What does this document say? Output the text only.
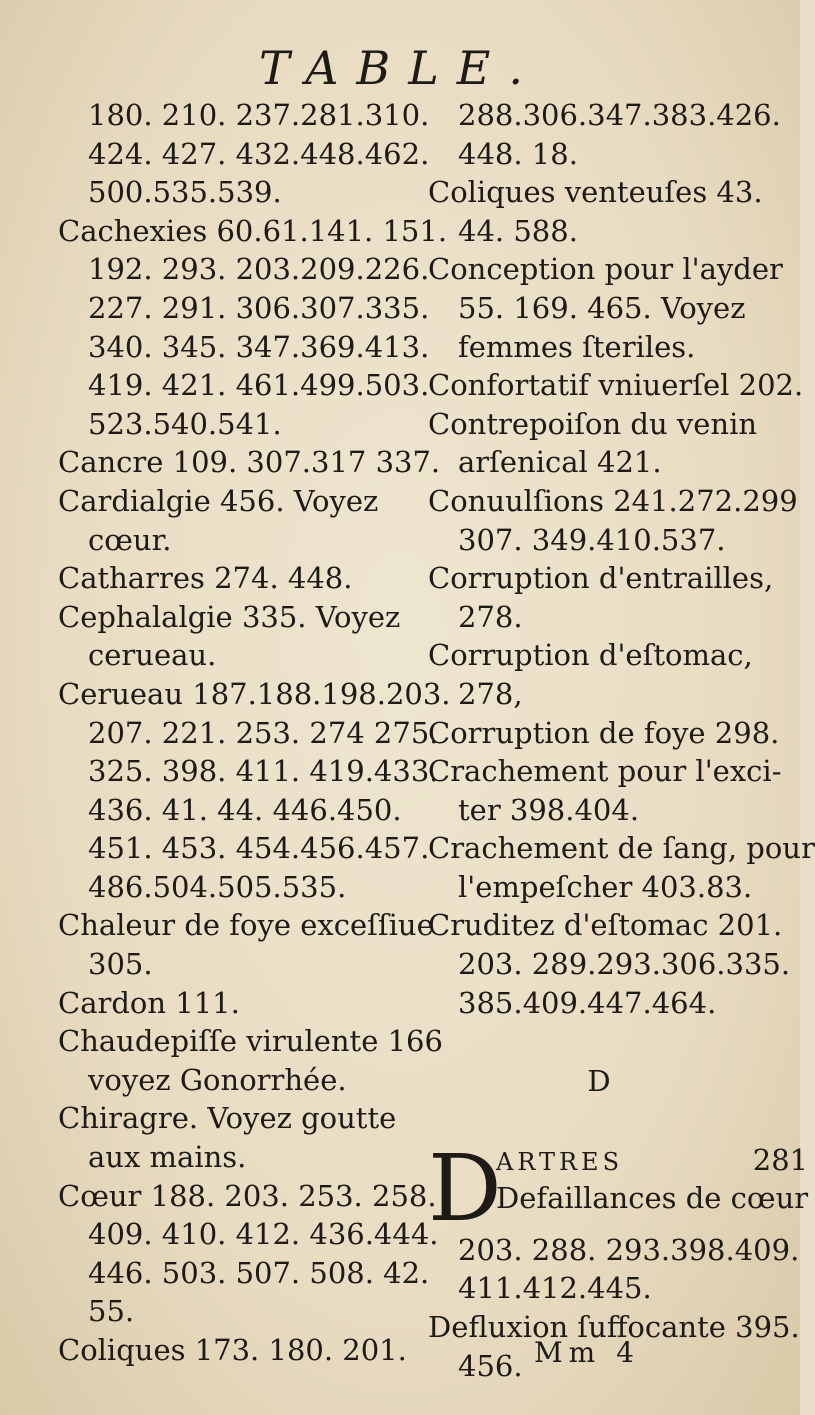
TABLE.
180. 210. 237.281.310.
424. 427. 432.448.462.
500.535.539.
Cachexies 60.61.141. 151.
192. 293. 203.209.226.
227. 291. 306.307.335.
340. 345. 347.369.413.
419. 421. 461.499.503.
523.540.541.
Cancre 109. 307.317 337.
Cardialgie 456. Voyez
cœur.
Catharres 274. 448.
Cephalalgie 335. Voyez
cerueau.
Cerueau 187.188.198.203.
207. 221. 253. 274 275.
325. 398. 411. 419.433.
436. 41. 44. 446.450.
451. 453. 454.456.457.
486.504.505.535.
Chaleur de foye exceſſiue
305.
Cardon 111.
Chaudepiſſe virulente 166
voyez Gonorrhée.
Chiragre. Voyez goutte
aux mains.
Cœur 188. 203. 253. 258.
409. 410. 412. 436.444.
446. 503. 507. 508. 42.
55.
Coliques 173. 180. 201.
288.306.347.383.426.
448. 18.
Coliques venteuſes 43.
44. 588.
Conception pour l'ayder
55. 169. 465. Voyez
femmes ſteriles.
Confortatif vniuerſel 202.
Contrepoiſon du venin
arſenical 421.
Conuulſions 241.272.299
307. 349.410.537.
Corruption d'entrailles,
278.
Corruption d'eſtomac,
278,
Corruption de foye 298.
Crachement pour l'exci-
ter 398.404.
Crachement de ſang, pour
l'empeſcher 403.83.
Cruditez d'eſtomac 201.
203. 289.293.306.335.
385.409.447.464.
D
D
ARTRES	281
Defaillances de cœur
203. 288. 293.398.409.
411.412.445.
Defluxion ſuffocante 395.
456. Mm 4
